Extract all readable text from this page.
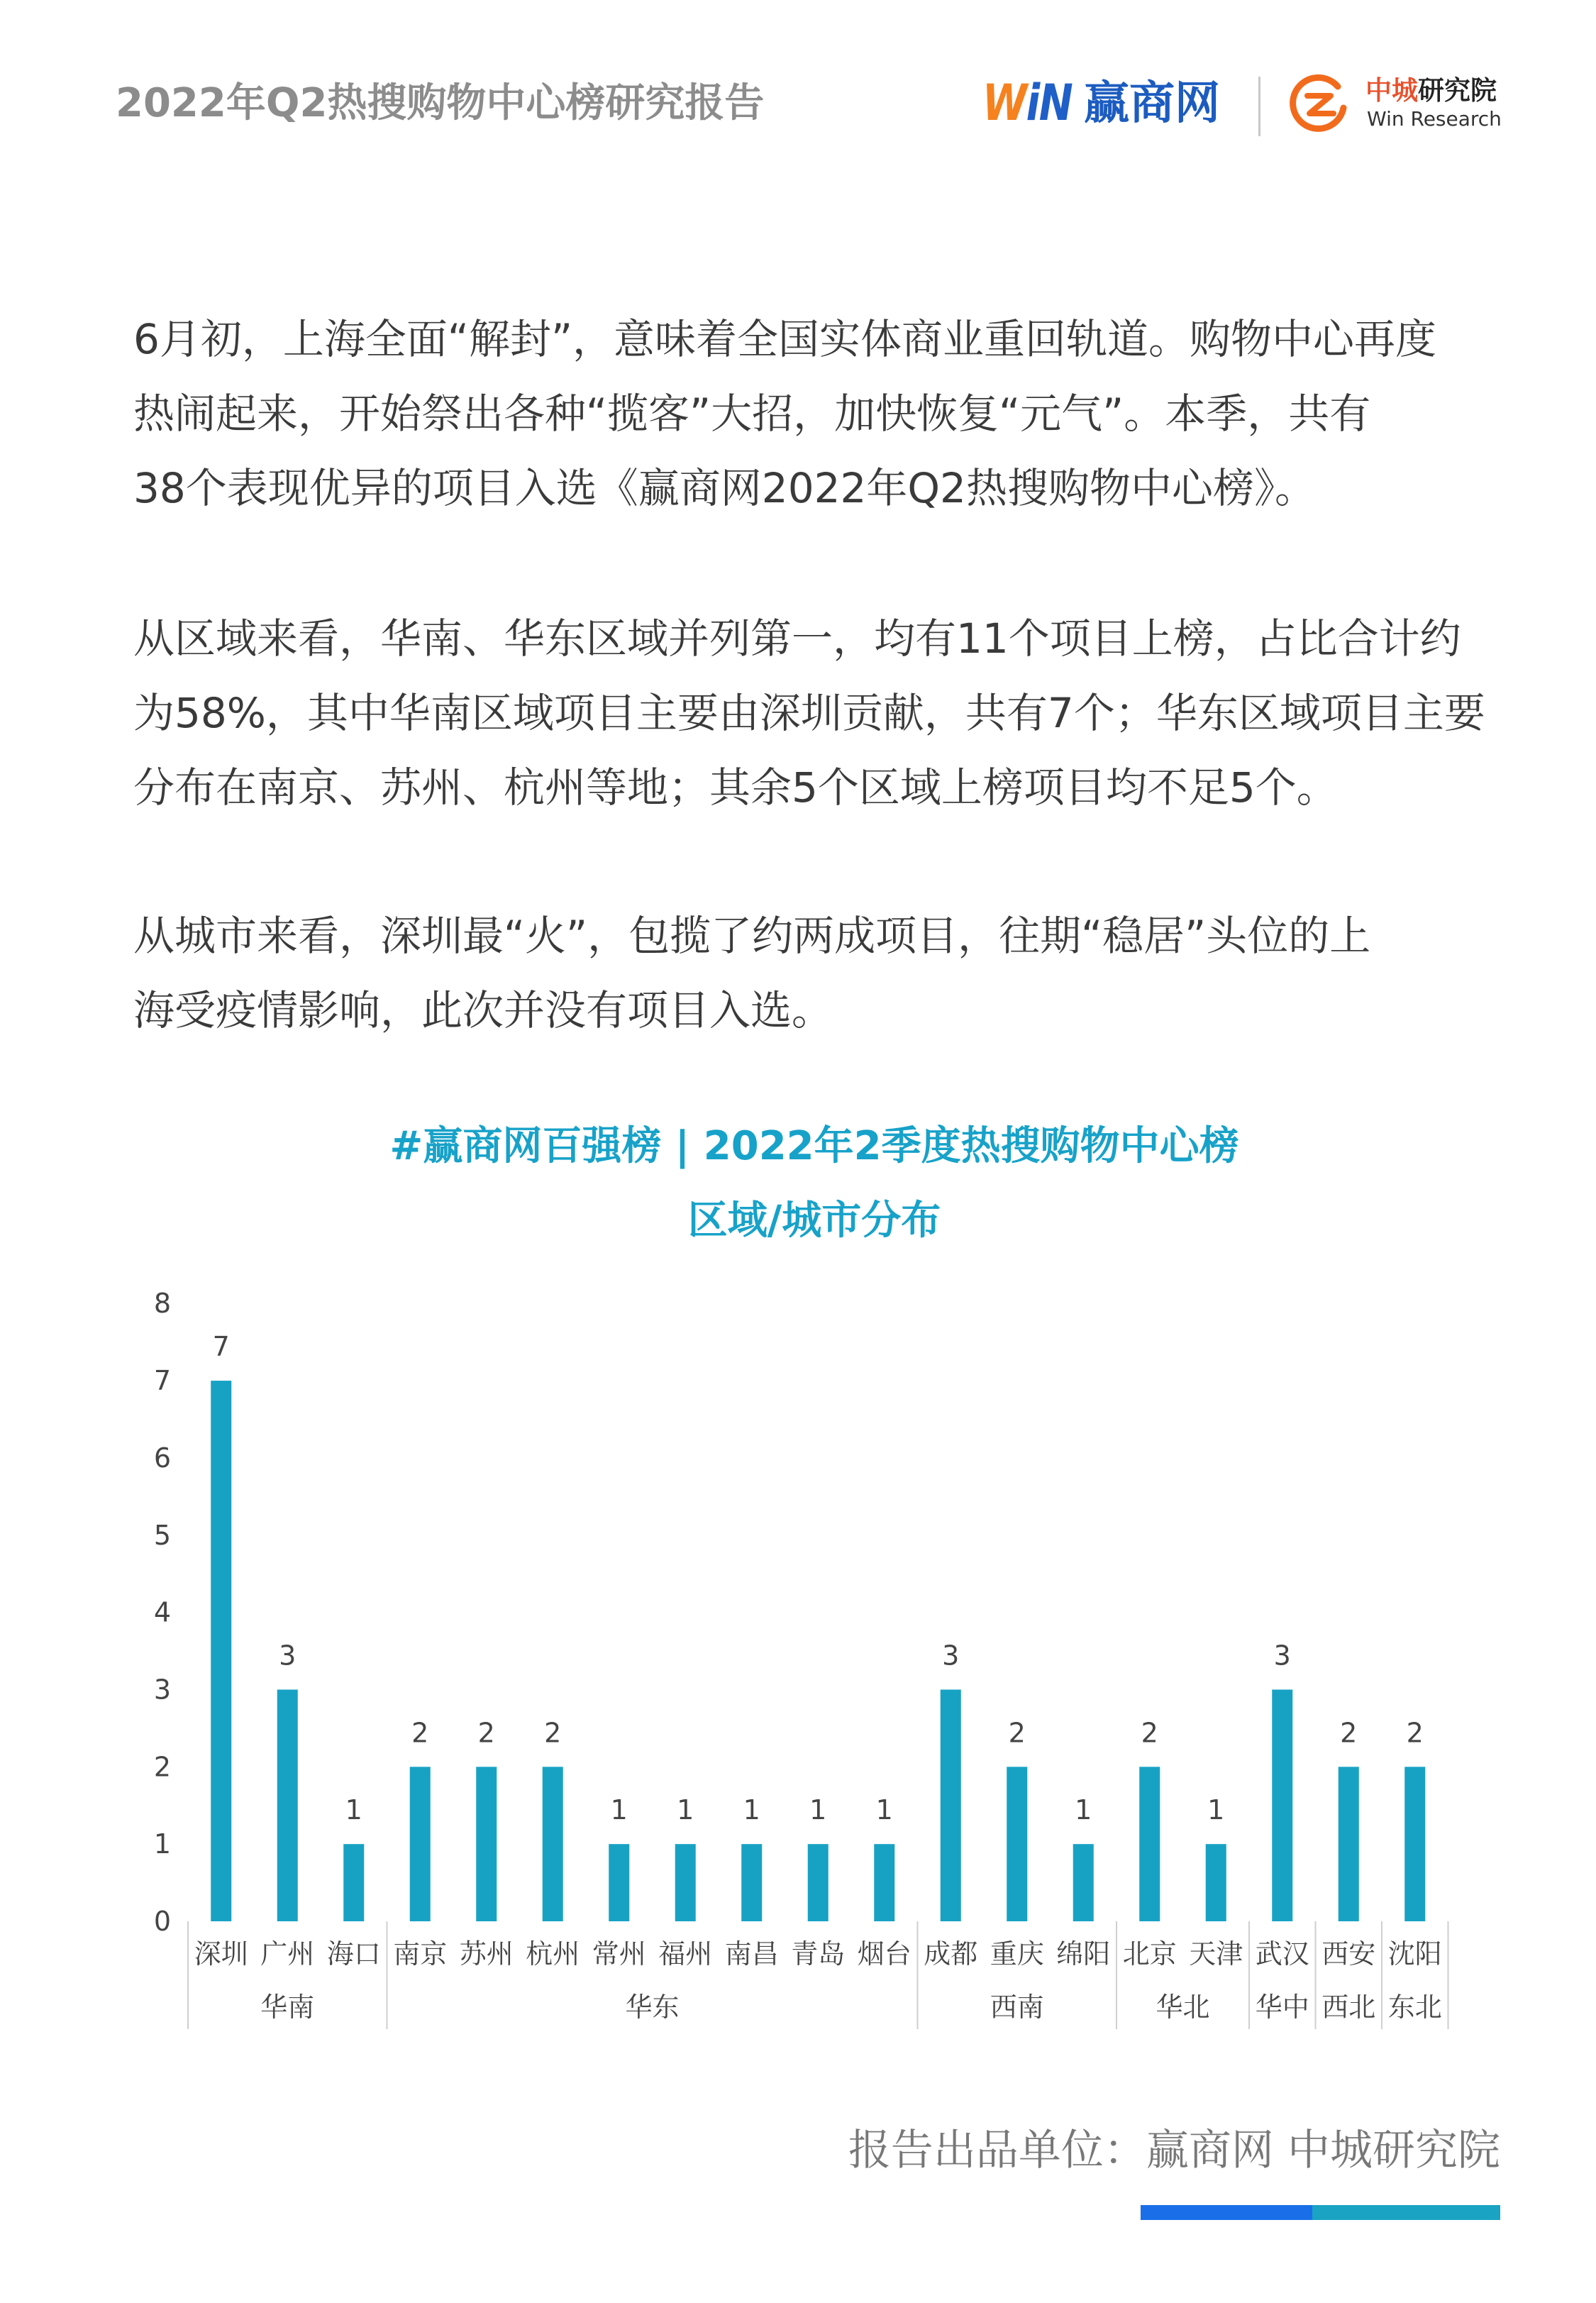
2022年Q2热搜购物中心榜研究报告	WiN 赢商网	中城研究院
Win Research
6月初，上海全面“解封”，意味着全国实体商业重回轨道。购物中心再度
热闹起来，开始祭出各种“揽客”大招，加快恢复“元气”。本季，共有
38个表现优异的项目入选《赢商网2022年Q2热搜购物中心榜》。
从区域来看，华南、华东区域并列第一，均有11个项目上榜，占比合计约
为58%，其中华南区域项目主要由深圳贡献，共有7个；华东区域项目主要
分布在南京、苏州、杭州等地；其余5个区域上榜项目均不足5个。
从城市来看，深圳最“火”，包揽了约两成项目，往期“稳居”头位的上
海受疫情影响，此次并没有项目入选。
#赢商网百强榜 | 2022年2季度热搜购物中心榜
区域/城市分布
0
1
2
3
4
5
6
7
8
7
深圳
3
广州
1
海口
2
南京
2
苏州
2
杭州
1
常州
1
福州
1
南昌
1
青岛
1
烟台
3
成都
2
重庆
1
绵阳
2
北京
1
天津
3
武汉
2
西安
2
沈阳
华南	华东	西南	华北 华中 西北 东北
报告出品单位：赢商网 中城研究院
